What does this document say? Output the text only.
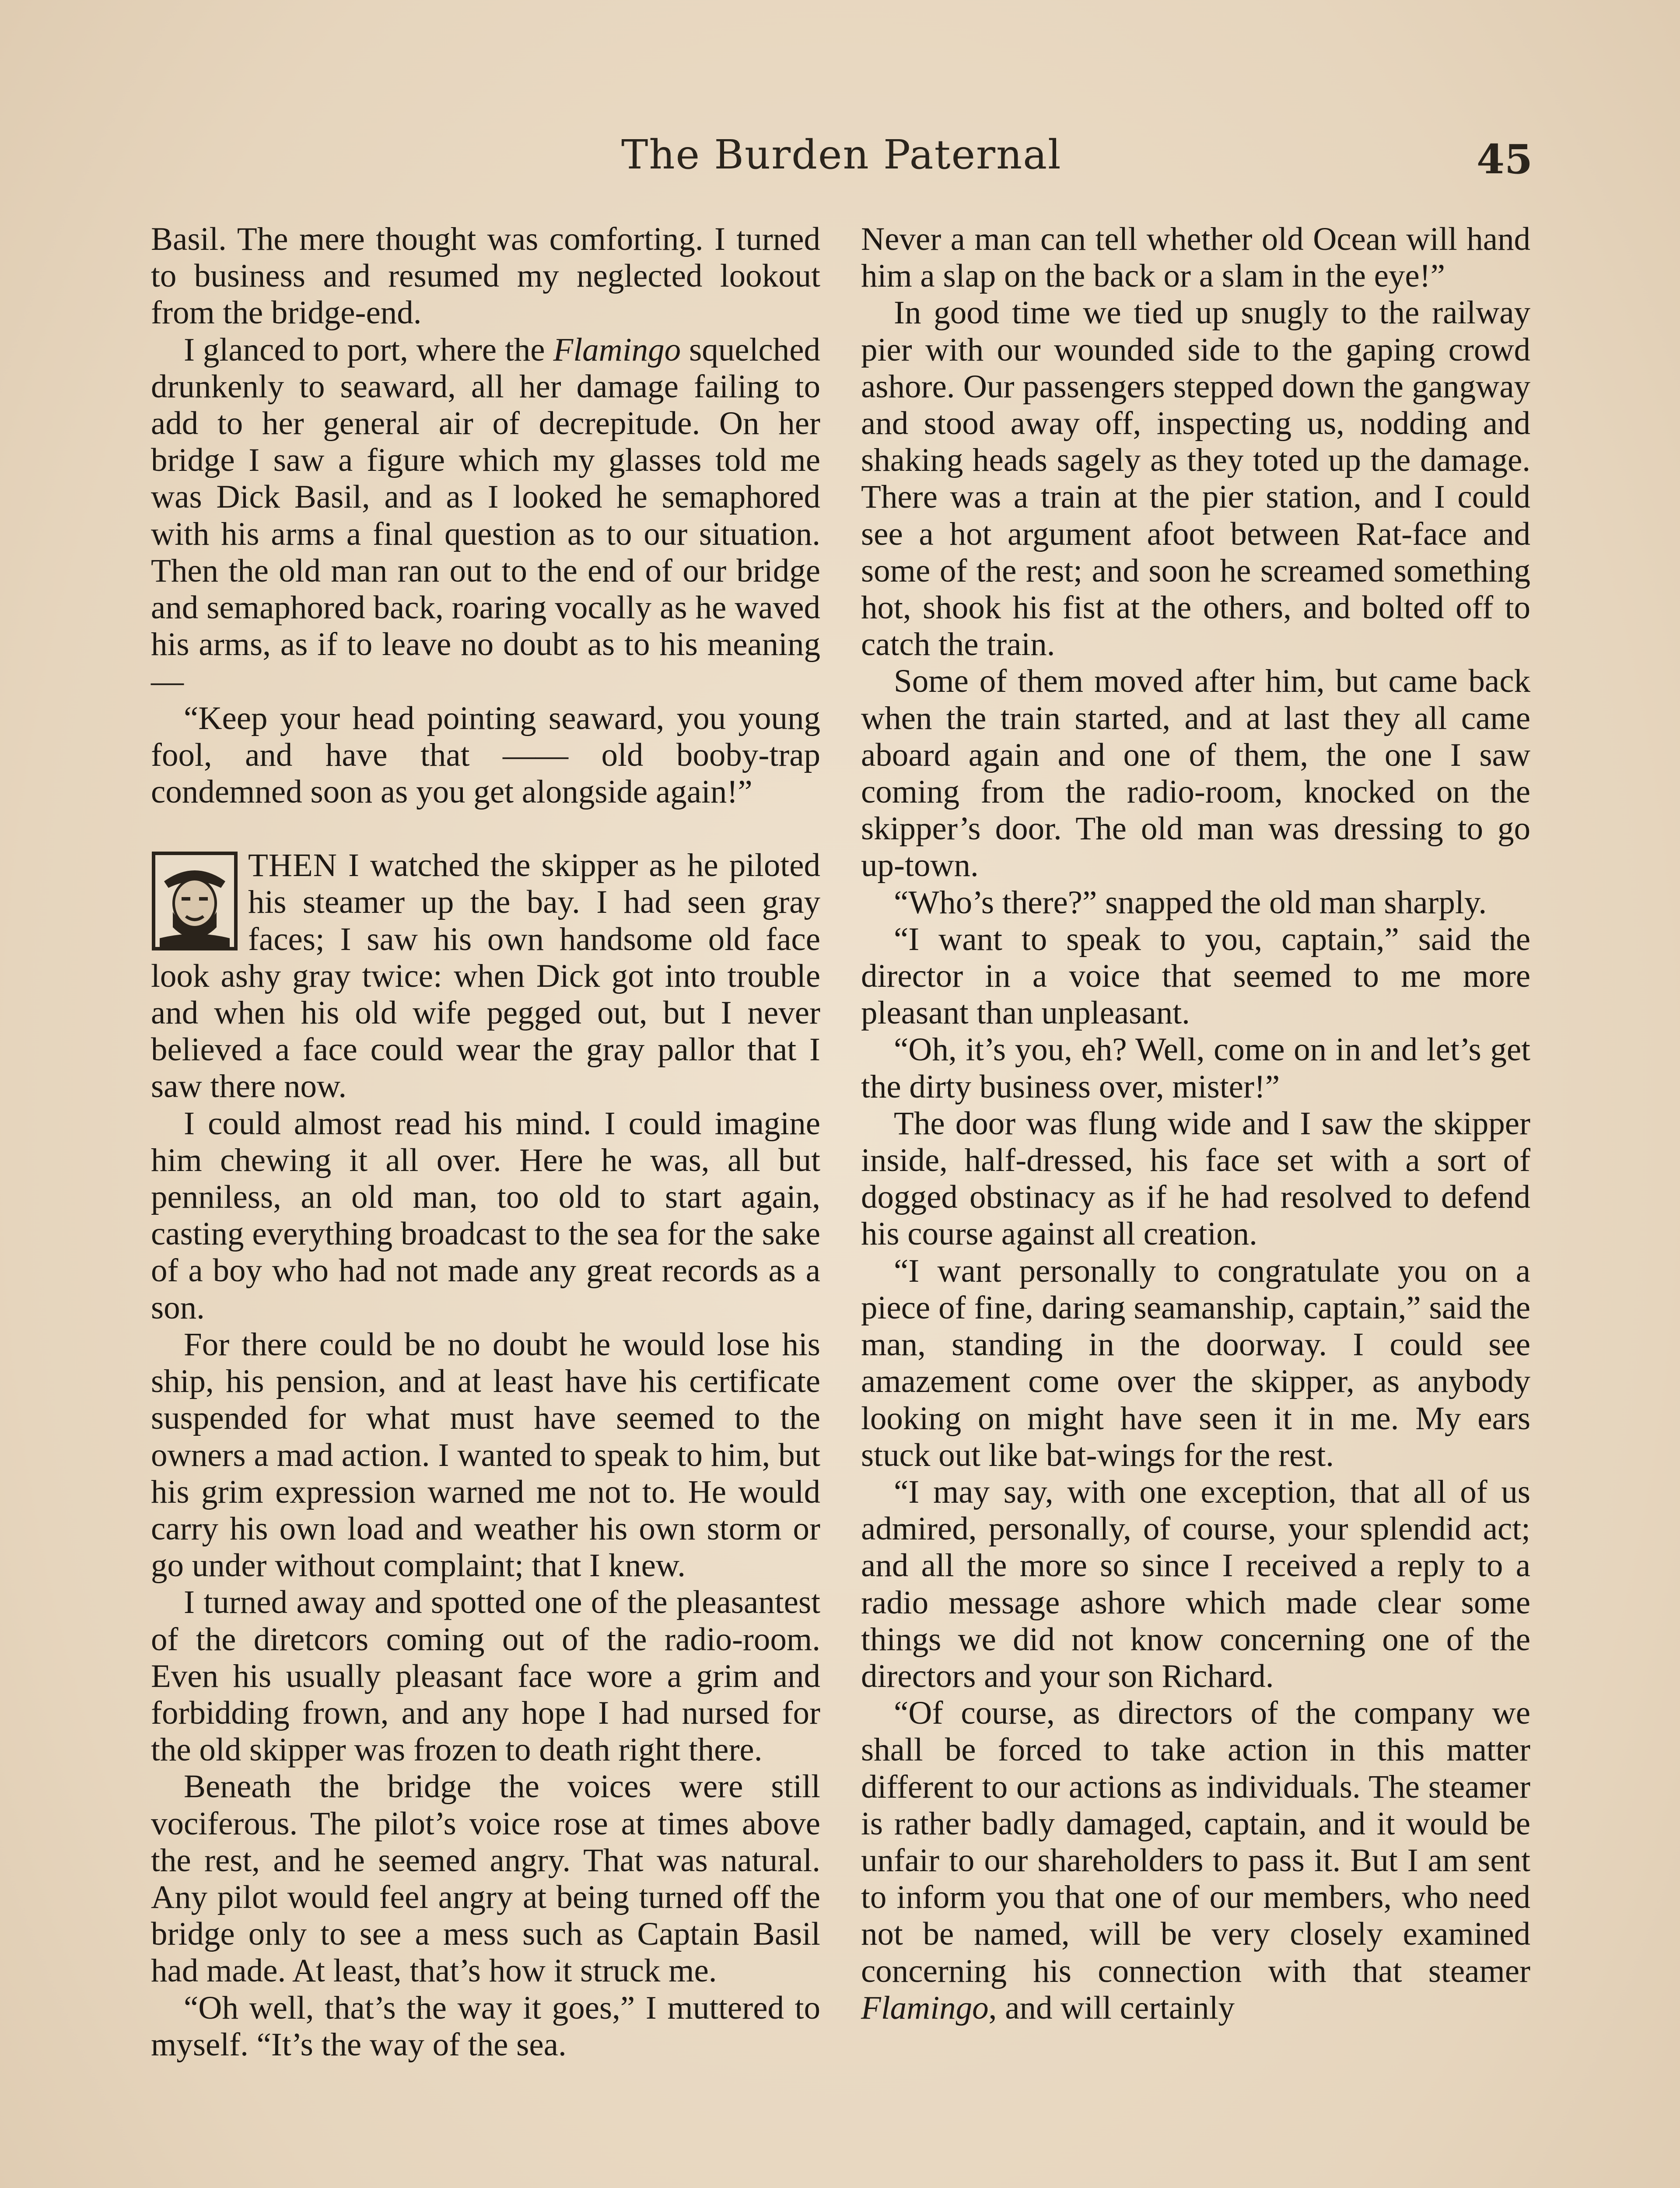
The Burden Paternal	45

Basil. The mere thought was comforting. I turned to business and resumed my neglected lookout from the bridge-end.

I glanced to port, where the Flamingo squelched drunkenly to seaward, all her damage failing to add to her general air of decrepitude. On her bridge I saw a figure which my glasses told me was Dick Basil, and as I looked he semaphored with his arms a final question as to our situation. Then the old man ran out to the end of our bridge and semaphored back, roaring vocally as he waved his arms, as if to leave no doubt as to his meaning—

“Keep your head pointing seaward, you young fool, and have that —— old booby-trap condemned soon as you get alongside again!”

THEN I watched the skipper as he piloted his steamer up the bay. I had seen gray faces; I saw his own handsome old face look ashy gray twice: when Dick got into trouble and when his old wife pegged out, but I never believed a face could wear the gray pallor that I saw there now.

I could almost read his mind. I could imagine him chewing it all over. Here he was, all but penniless, an old man, too old to start again, casting everything broadcast to the sea for the sake of a boy who had not made any great records as a son.

For there could be no doubt he would lose his ship, his pension, and at least have his certificate suspended for what must have seemed to the owners a mad action. I wanted to speak to him, but his grim expression warned me not to. He would carry his own load and weather his own storm or go under without complaint; that I knew.

I turned away and spotted one of the pleasantest of the diretcors coming out of the radio-room. Even his usually pleasant face wore a grim and forbidding frown, and any hope I had nursed for the old skipper was frozen to death right there.

Beneath the bridge the voices were still vociferous. The pilot’s voice rose at times above the rest, and he seemed angry. That was natural. Any pilot would feel angry at being turned off the bridge only to see a mess such as Captain Basil had made. At least, that’s how it struck me.

“Oh well, that’s the way it goes,” I muttered to myself. “It’s the way of the sea.

Never a man can tell whether old Ocean will hand him a slap on the back or a slam in the eye!”

In good time we tied up snugly to the railway pier with our wounded side to the gaping crowd ashore. Our passengers stepped down the gangway and stood away off, inspecting us, nodding and shaking heads sagely as they toted up the damage. There was a train at the pier station, and I could see a hot argument afoot between Rat-face and some of the rest; and soon he screamed something hot, shook his fist at the others, and bolted off to catch the train.

Some of them moved after him, but came back when the train started, and at last they all came aboard again and one of them, the one I saw coming from the radio-room, knocked on the skipper’s door. The old man was dressing to go up-town.

“Who’s there?” snapped the old man sharply.

“I want to speak to you, captain,” said the director in a voice that seemed to me more pleasant than unpleasant.

“Oh, it’s you, eh? Well, come on in and let’s get the dirty business over, mister!”

The door was flung wide and I saw the skipper inside, half-dressed, his face set with a sort of dogged obstinacy as if he had resolved to defend his course against all creation.

“I want personally to congratulate you on a piece of fine, daring seamanship, captain,” said the man, standing in the doorway. I could see amazement come over the skipper, as anybody looking on might have seen it in me. My ears stuck out like bat-wings for the rest.

“I may say, with one exception, that all of us admired, personally, of course, your splendid act; and all the more so since I received a reply to a radio message ashore which made clear some things we did not know concerning one of the directors and your son Richard.

“Of course, as directors of the company we shall be forced to take action in this matter different to our actions as individuals. The steamer is rather badly damaged, captain, and it would be unfair to our shareholders to pass it. But I am sent to inform you that one of our members, who need not be named, will be very closely examined concerning his connection with that steamer Flamingo, and will certainly
